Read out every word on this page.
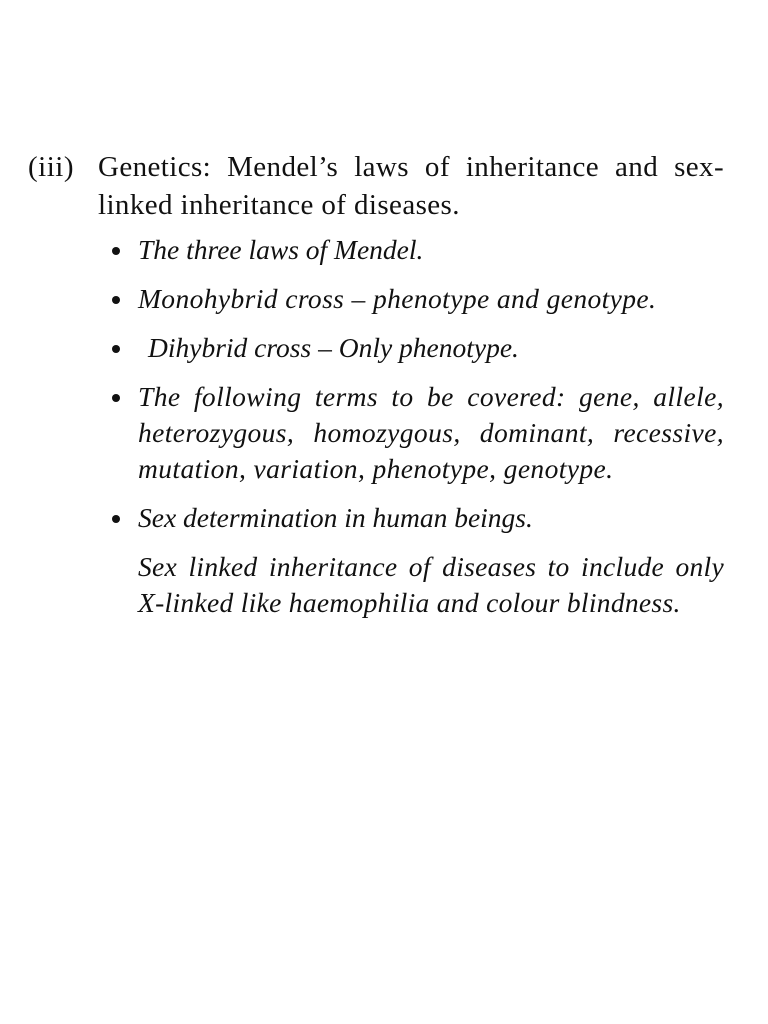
(iii) Genetics: Mendel’s laws of inheritance and sex-linked inheritance of diseases.
The three laws of Mendel.
Monohybrid cross – phenotype and genotype.
Dihybrid cross – Only phenotype.
The following terms to be covered: gene, allele, heterozygous, homozygous, dominant, recessive, mutation, variation, phenotype, genotype.
Sex determination in human beings.

Sex linked inheritance of diseases to include only X-linked like haemophilia and colour blindness.
